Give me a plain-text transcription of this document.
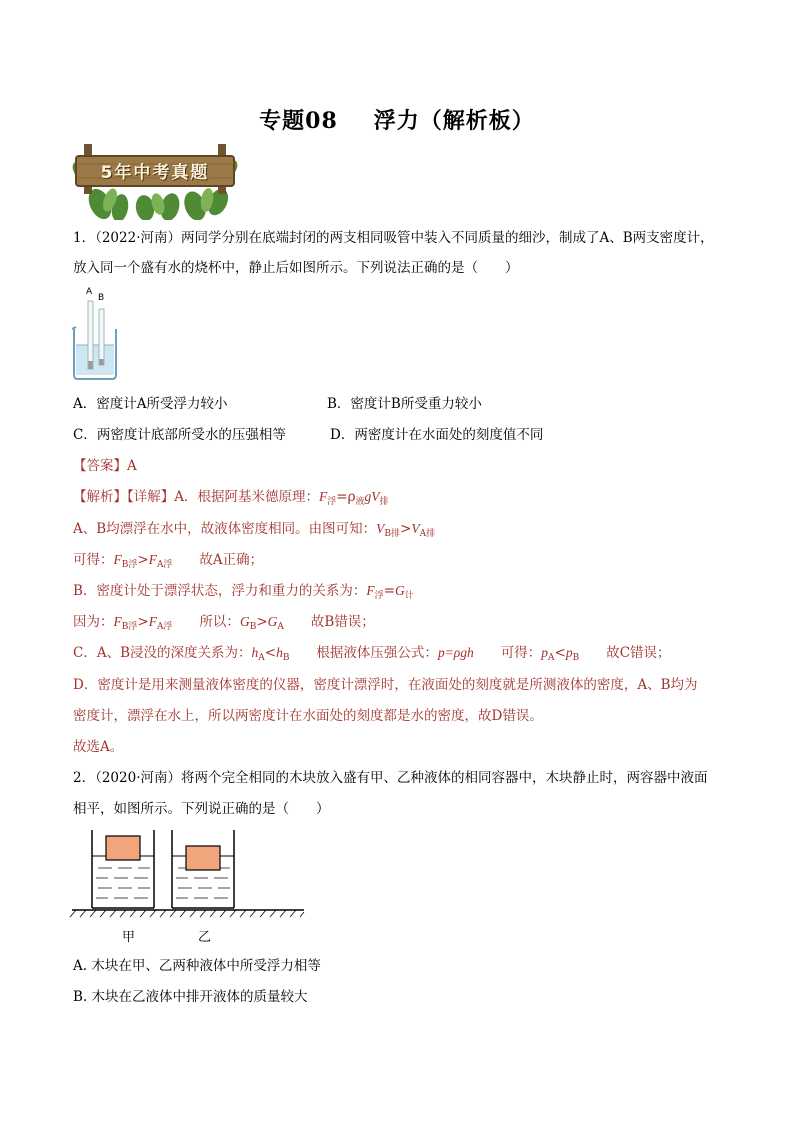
专题08 浮力（解析板）
5年中考真题
1．（2022·河南）两同学分别在底端封闭的两支相同吸管中装入不同质量的细沙，制成了A、B两支密度计，
放入同一个盛有水的烧杯中，静止后如图所示。下列说法正确的是（　　）
A
B
A．密度计A所受浮力较小	B．密度计B所受重力较小
C．两密度计底部所受水的压强相等	D．两密度计在水面处的刻度值不同
【答案】A
【解析】【详解】A．根据阿基米德原理：$F_浮=\rho_液gV_排$
A、B均漂浮在水中，故液体密度相同。由图可知：$V_{B排}>V_{A排}$
可得：$F_{B浮}>F_{A浮}$　　故A正确；
B．密度计处于漂浮状态，浮力和重力的关系为：$F_浮=G_计$
因为：$F_{B浮}>F_{A浮}$　　所以：$G_B>G_A$　　故B错误；
C．A、B浸没的深度关系为：$h_A<h_B$　　根据液体压强公式：p=ρgh　　可得：$p_A<p_B$　　故C错误；
D．密度计是用来测量液体密度的仪器，密度计漂浮时，在液面处的刻度就是所测液体的密度，A、B均为
密度计，漂浮在水上，所以两密度计在水面处的刻度都是水的密度，故D错误。
故选A。
2．（2020·河南）将两个完全相同的木块放入盛有甲、乙种液体的相同容器中，木块静止时，两容器中液面
相平，如图所示。下列说正确的是（　　）
甲	乙
A. 木块在甲、乙两种液体中所受浮力相等
B. 木块在乙液体中排开液体的质量较大
